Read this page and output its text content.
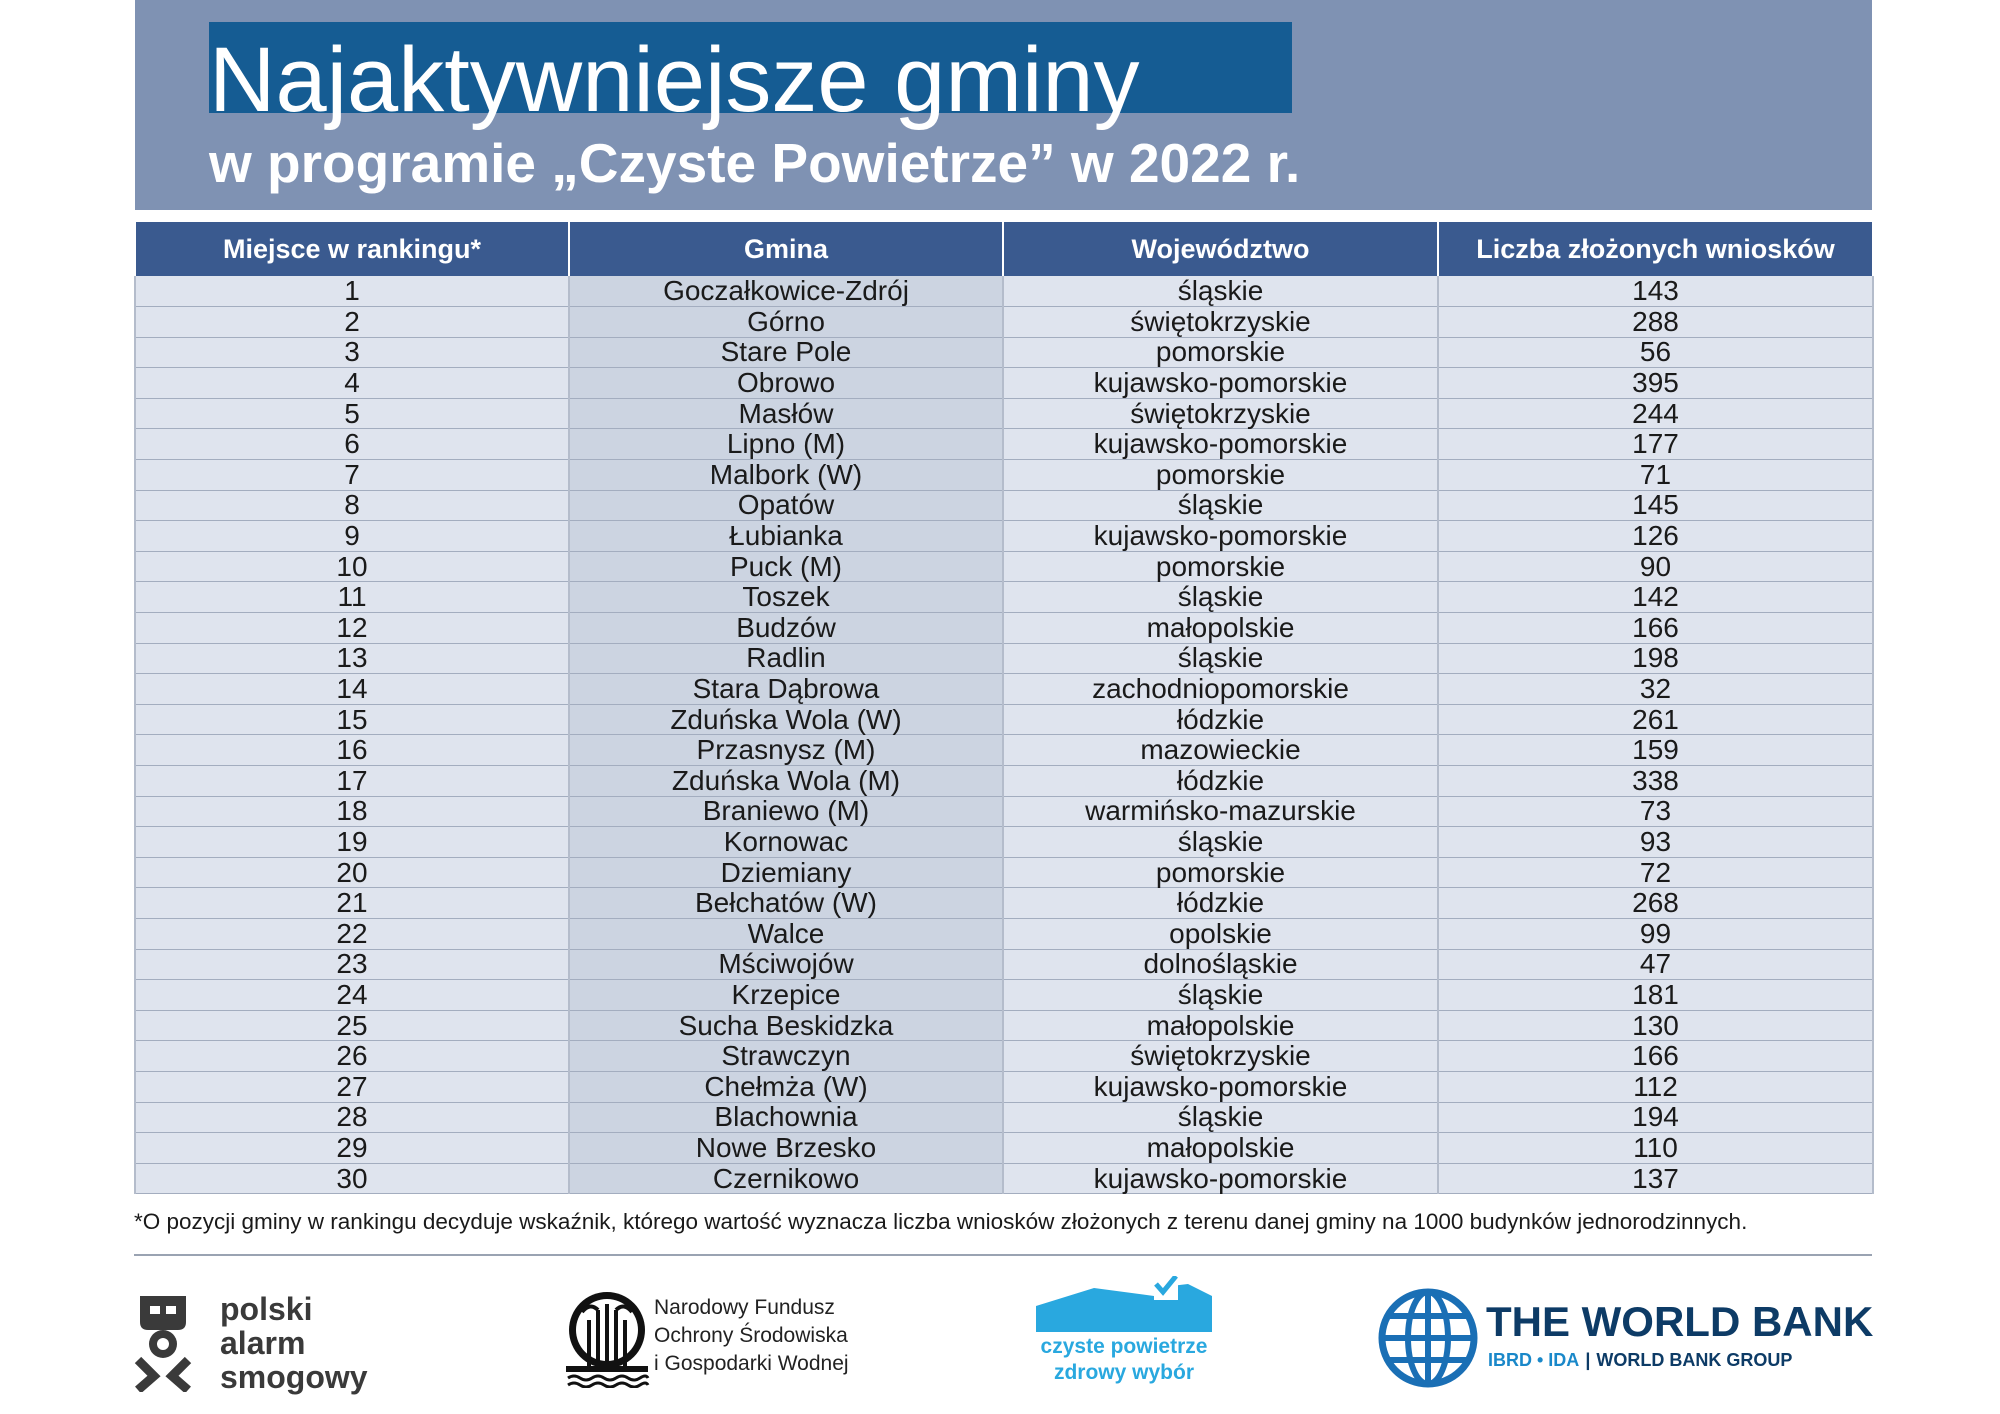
Najaktywniejsze gminy
w programie „Czyste Powietrze” w 2022 r.
Miejsce w rankingu*	Gmina	Województwo	Liczba złożonych wniosków
1	Goczałkowice-Zdrój	śląskie	143
2	Górno	świętokrzyskie	288
3	Stare Pole	pomorskie	56
4	Obrowo	kujawsko-pomorskie	395
5	Masłów	świętokrzyskie	244
6	Lipno (M)	kujawsko-pomorskie	177
7	Malbork (W)	pomorskie	71
8	Opatów	śląskie	145
9	Łubianka	kujawsko-pomorskie	126
10	Puck (M)	pomorskie	90
11	Toszek	śląskie	142
12	Budzów	małopolskie	166
13	Radlin	śląskie	198
14	Stara Dąbrowa	zachodniopomorskie	32
15	Zduńska Wola (W)	łódzkie	261
16	Przasnysz (M)	mazowieckie	159
17	Zduńska Wola (M)	łódzkie	338
18	Braniewo (M)	warmińsko-mazurskie	73
19	Kornowac	śląskie	93
20	Dziemiany	pomorskie	72
21	Bełchatów (W)	łódzkie	268
22	Walce	opolskie	99
23	Mściwojów	dolnośląskie	47
24	Krzepice	śląskie	181
25	Sucha Beskidzka	małopolskie	130
26	Strawczyn	świętokrzyskie	166
27	Chełmża (W)	kujawsko-pomorskie	112
28	Blachownia	śląskie	194
29	Nowe Brzesko	małopolskie	110
30	Czernikowo	kujawsko-pomorskie	137
*O pozycji gminy w rankingu decyduje wskaźnik, którego wartość wyznacza liczba wniosków złożonych z terenu danej gminy na 1000 budynków jednorodzinnych.
polski
alarm
smogowy
Narodowy Fundusz
Ochrony Środowiska
i Gospodarki Wodnej
czyste powietrze
zdrowy wybór
THE WORLD BANK
IBRD • IDA | WORLD BANK GROUP
